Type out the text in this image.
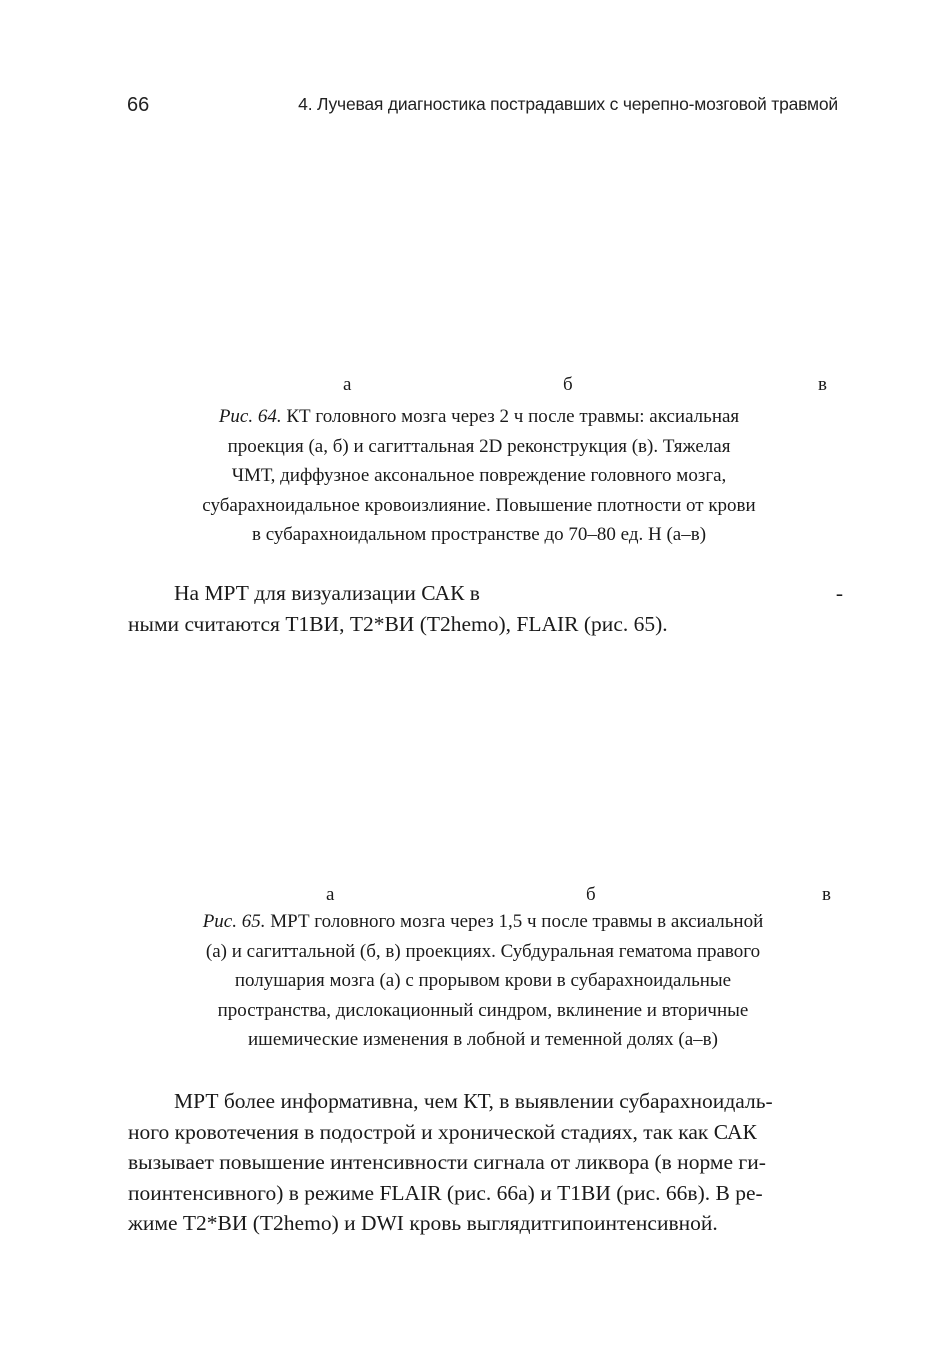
66	4. Лучевая диагностика пострадавших с черепно-мозговой травмой
а	б	в
Рис. 64. КТ головного мозга через 2 ч после травмы: аксиальная
проекция (а, б) и сагиттальная 2D реконструкция (в). Тяжелая
ЧМТ, диффузное аксональное повреждение головного мозга,
субарахноидальное кровоизлияние. Повышение плотности от крови
в субарахноидальном пространстве до 70–80 ед. Н (а–в)
На МРТ для визуализации САК в
ными считаются T1ВИ, T2*ВИ (T2hemo), FLAIR (рис. 65).
-
а	б	в
Рис. 65. МРТ головного мозга через 1,5 ч после травмы в аксиальной
(а) и сагиттальной (б, в) проекциях. Субдуральная гематома правого
полушария мозга (а) с прорывом крови в субарахноидальные
пространства, дислокационный синдром, вклинение и вторичные
ишемические изменения в лобной и теменной долях (а–в)
МРТ более информативна, чем КТ, в выявлении субарахноидаль-
ного кровотечения в подострой и хронической стадиях, так как САК
вызывает повышение интенсивности сигнала от ликвора (в норме ги-
поинтенсивного) в режиме FLAIR (рис. 66а) и T1ВИ (рис. 66в). В ре-
жиме T2*ВИ (T2hemo) и DWI кровь выглядитгипоинтенсивной.
